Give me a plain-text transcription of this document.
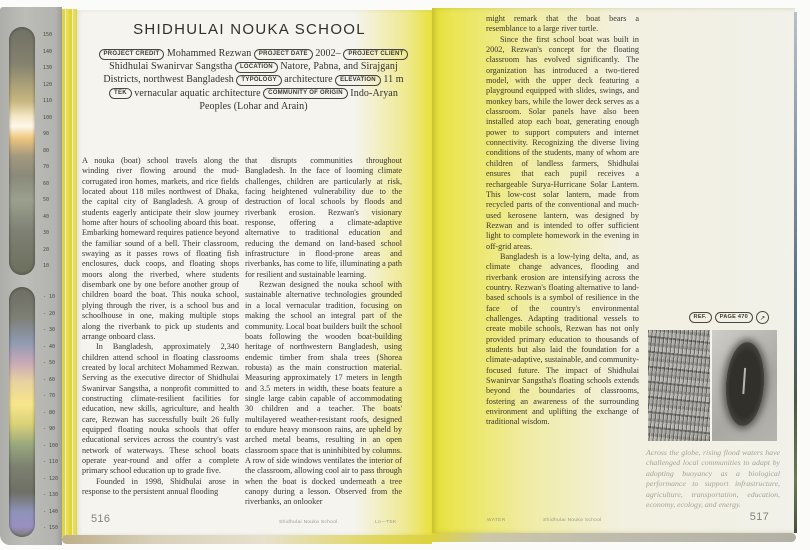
150
140
130
120
110
100
90
80
70
60
50
40
30
20
10
- 10
- 20
- 30
- 40
- 50
- 60
- 70
- 80
- 90
- 100
- 110
- 120
- 130
- 140
- 150
SHIDHULAI NOUKA SCHOOL
PROJECT CREDIT Mohammed Rezwan PROJECT DATE 2002– PROJECT CLIENT Shidhulai Swanirvar Sangstha LOCATION Natore, Pabna, and Sirajganj Districts, northwest Bangladesh TYPOLOGY architecture ELEVATION 11 m TEK vernacular aquatic architecture COMMUNITY OF ORIGIN Indo-Aryan Peoples (Lohar and Arain)

A nouka (boat) school travels along the winding river flowing around the mud-corrugated iron homes, markets, and rice fields located about 118 miles northwest of Dhaka, the capital city of Bangladesh. A group of students eagerly anticipate their slow journey home after hours of schooling aboard this boat. Embarking homeward requires patience beyond the familiar sound of a bell. Their classroom, swaying as it passes rows of floating fish enclosures, duck coops, and floating shops moors along the riverbed, where students disembark one by one before another group of children board the boat. This nouka school, plying through the river, is a school bus and schoolhouse in one, making multiple stops along the riverbank to pick up students and arrange onboard class.

In Bangladesh, approximately 2,340 children attend school in floating classrooms created by local architect Mohammed Rezwan. Serving as the executive director of Shidhulai Swanirvar Sangstha, a nonprofit committed to constructing climate-resilient facilities for education, new skills, agriculture, and health care, Rezwan has successfully built 26 fully equipped floating nouka schools that offer educational services across the country's vast network of waterways. These school boats operate year-round and offer a complete primary school education up to grade five.

Founded in 1998, Shidhulai arose in response to the persistent annual flooding

that disrupts communities throughout Bangladesh. In the face of looming climate challenges, children are particularly at risk, facing heightened vulnerability due to the destruction of local schools by floods and riverbank erosion. Rezwan's visionary response, offering a climate-adaptive alternative to traditional education and reducing the demand on land-based school infrastructure in flood-prone areas and riverbanks, has come to life, illuminating a path for resilient and sustainable learning.

Rezwan designed the nouka school with sustainable alternative technologies grounded in a local vernacular tradition, focusing on making the school an integral part of the community. Local boat builders built the school boats following the wooden boat-building heritage of northwestern Bangladesh, using endemic timber from shala trees (Shorea robusta) as the main construction material. Measuring approximately 17 meters in length and 3.5 meters in width, these boats feature a single large cabin capable of accommodating 30 children and a teacher. The boats' multilayered weather-resistant roofs, designed to endure heavy monsoon rains, are upheld by arched metal beams, resulting in an open classroom space that is uninhibited by columns. A row of side windows ventilates the interior of the classroom, allowing cool air to pass through when the boat is docked underneath a tree canopy during a lesson. Observed from the riverbanks, an onlooker

516	Shidhulai Nouka School	Lo—TEK

might remark that the boat bears a resemblance to a large river turtle.

Since the first school boat was built in 2002, Rezwan's concept for the floating classroom has evolved significantly. The organization has introduced a two-tiered model, with the upper deck featuring a playground equipped with slides, swings, and monkey bars, while the lower deck serves as a classroom. Solar panels have also been installed atop each boat, generating enough power to support computers and internet connectivity. Recognizing the diverse living conditions of the students, many of whom are children of landless farmers, Shidhulai ensures that each pupil receives a rechargeable Surya-Hurricane Solar Lantern. This low-cost solar lantern, made from recycled parts of the conventional and much-used kerosene lantern, was designed by Rezwan and is intended to offer sufficient light to complete homework in the evening in off-grid areas.

Bangladesh is a low-lying delta, and, as climate change advances, flooding and riverbank erosion are intensifying across the country. Rezwan's floating alternative to land-based schools is a symbol of resilience in the face of the country's environmental challenges. Adapting traditional vessels to create mobile schools, Rezwan has not only provided primary education to thousands of students but also laid the foundation for a climate-adaptive, sustainable, and community-focused future. The impact of Shidhulai Swanirvar Sangstha's floating schools extends beyond the boundaries of classrooms, fostering an awareness of the surrounding environment and uplifting the exchange of traditional wisdom.

REF.	PAGE 470	↗

Across the globe, rising flood waters have challenged local communities to adapt by adopting buoyancy as a biological performance to support infrastructure, agriculture, transportation, education, economy, ecology, and energy.

WATER	Shidhulai Nouka School	517
